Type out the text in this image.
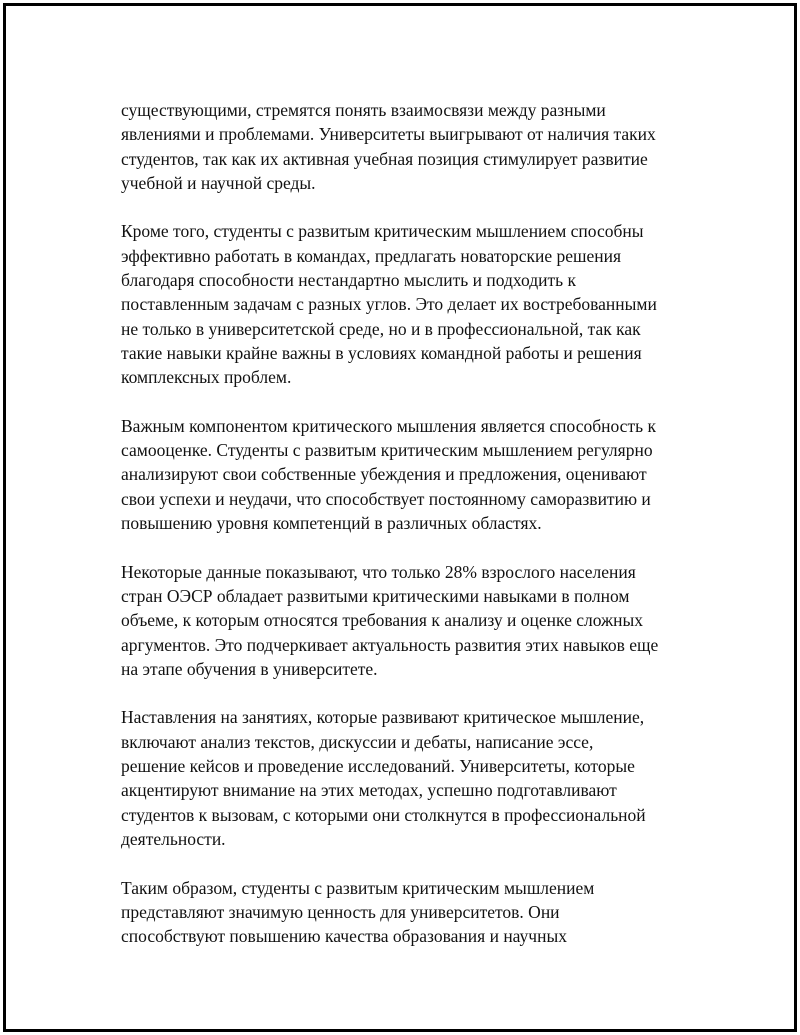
существующими, стремятся понять взаимосвязи между разными
явлениями и проблемами. Университеты выигрывают от наличия таких
студентов, так как их активная учебная позиция стимулирует развитие
учебной и научной среды.

Кроме того, студенты с развитым критическим мышлением способны
эффективно работать в командах, предлагать новаторские решения
благодаря способности нестандартно мыслить и подходить к
поставленным задачам с разных углов. Это делает их востребованными
не только в университетской среде, но и в профессиональной, так как
такие навыки крайне важны в условиях командной работы и решения
комплексных проблем.

Важным компонентом критического мышления является способность к
самооценке. Студенты с развитым критическим мышлением регулярно
анализируют свои собственные убеждения и предложения, оценивают
свои успехи и неудачи, что способствует постоянному саморазвитию и
повышению уровня компетенций в различных областях.

Некоторые данные показывают, что только 28% взрослого населения
стран ОЭСР обладает развитыми критическими навыками в полном
объеме, к которым относятся требования к анализу и оценке сложных
аргументов. Это подчеркивает актуальность развития этих навыков еще
на этапе обучения в университете.

Наставления на занятиях, которые развивают критическое мышление,
включают анализ текстов, дискуссии и дебаты, написание эссе,
решение кейсов и проведение исследований. Университеты, которые
акцентируют внимание на этих методах, успешно подготавливают
студентов к вызовам, с которыми они столкнутся в профессиональной
деятельности.

Таким образом, студенты с развитым критическим мышлением
представляют значимую ценность для университетов. Они
способствуют повышению качества образования и научных
